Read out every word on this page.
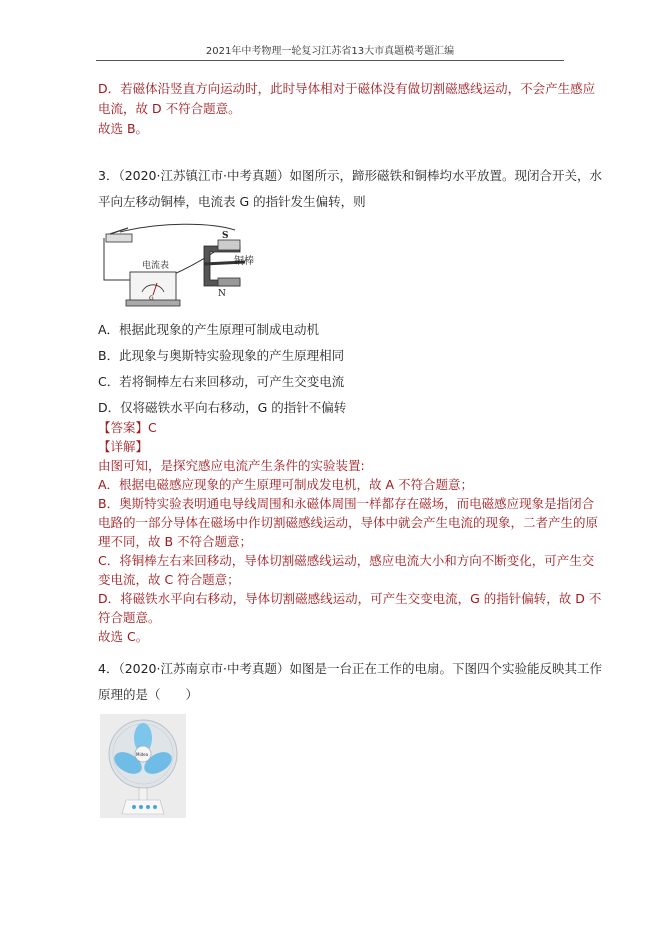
2021年中考物理一轮复习江苏省13大市真题模考题汇编
D．若磁体沿竖直方向运动时，此时导体相对于磁体没有做切割磁感线运动，不会产生感应
电流，故 D 不符合题意。
故选 B。
3．（2020·江苏镇江市·中考真题）如图所示，蹄形磁铁和铜棒均水平放置。现闭合开关，水
平向左移动铜棒，电流表 G 的指针发生偏转，则
电流表
G
S
N
铜棒
A．根据此现象的产生原理可制成电动机
B．此现象与奥斯特实验现象的产生原理相同
C．若将铜棒左右来回移动，可产生交变电流
D．仅将磁铁水平向右移动，G 的指针不偏转
【答案】C
【详解】
由图可知，是探究感应电流产生条件的实验装置:
A．根据电磁感应现象的产生原理可制成发电机，故 A 不符合题意；
B．奥斯特实验表明通电导线周围和永磁体周围一样都存在磁场，而电磁感应现象是指闭合
电路的一部分导体在磁场中作切割磁感线运动，导体中就会产生电流的现象，二者产生的原
理不同，故 B 不符合题意；
C．将铜棒左右来回移动，导体切割磁感线运动，感应电流大小和方向不断变化，可产生交
变电流，故 C 符合题意；
D．将磁铁水平向右移动，导体切割磁感线运动，可产生交变电流，G 的指针偏转，故 D 不
符合题意。
故选 C。
4．（2020·江苏南京市·中考真题）如图是一台正在工作的电扇。下图四个实验能反映其工作
原理的是（　　）
Midea
